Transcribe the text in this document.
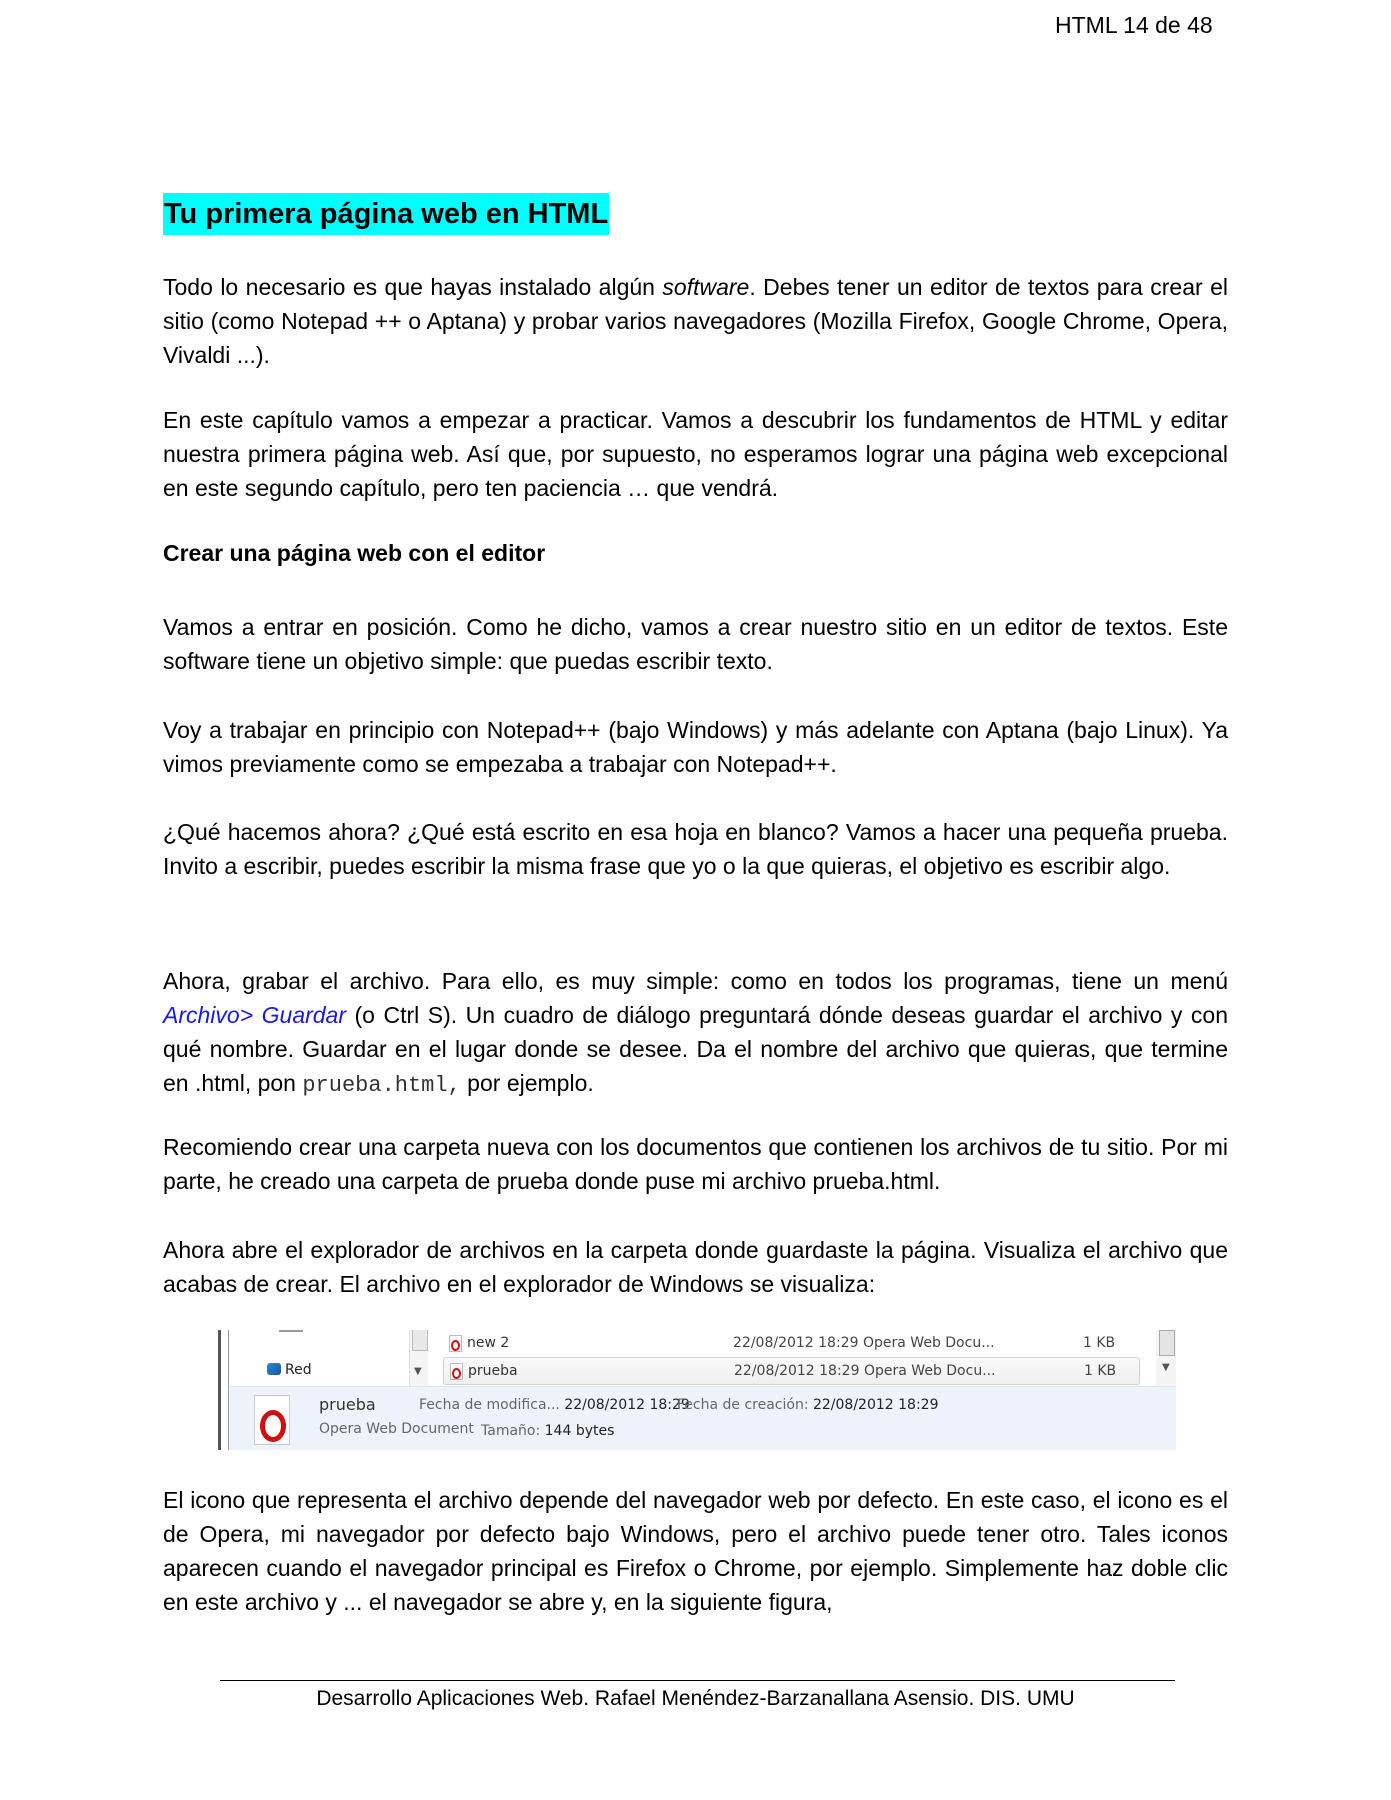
HTML 14 de 48
Tu primera página web en HTML

Todo lo necesario es que hayas instalado algún software. Debes tener un editor de textos para crear el sitio (como Notepad ++ o Aptana) y probar varios navegadores (Mozilla Firefox, Google Chrome, Opera, Vivaldi ...).

En este capítulo vamos a empezar a practicar. Vamos a descubrir los fundamentos de HTML y editar nuestra primera página web. Así que, por supuesto, no esperamos lograr una página web excepcional en este segundo capítulo, pero ten paciencia … que vendrá.

Crear una página web con el editor

Vamos a entrar en posición. Como he dicho, vamos a crear nuestro sitio en un editor de textos. Este software tiene un objetivo simple: que puedas escribir texto.

Voy a trabajar en principio con Notepad++ (bajo Windows) y más adelante con Aptana (bajo Linux). Ya vimos previamente como se empezaba a trabajar con Notepad++.

¿Qué hacemos ahora? ¿Qué está escrito en esa hoja en blanco? Vamos a hacer una pequeña prueba. Invito a escribir, puedes escribir la misma frase que yo o la que quieras, el objetivo es escribir algo.

Ahora, grabar el archivo. Para ello, es muy simple: como en todos los programas, tiene un menú Archivo> Guardar (o Ctrl S). Un cuadro de diálogo preguntará dónde deseas guardar el archivo y con qué nombre. Guardar en el lugar donde se desee. Da el nombre del archivo que quieras, que termine en .html, pon prueba.html, por ejemplo.

Recomiendo crear una carpeta nueva con los documentos que contienen los archivos de tu sitio. Por mi parte, he creado una carpeta de prueba donde puse mi archivo prueba.html.

Ahora abre el explorador de archivos en la carpeta donde guardaste la página. Visualiza el archivo que acabas de crear. El archivo en el explorador de Windows se visualiza:

El icono que representa el archivo depende del navegador web por defecto. En este caso, el icono es el de Opera, mi navegador por defecto bajo Windows, pero el archivo puede tener otro. Tales iconos aparecen cuando el navegador principal es Firefox o Chrome, por ejemplo. Simplemente haz doble clic en este archivo y ... el navegador se abre y, en la siguiente figura,

Red	▼
new 2	22/08/2012 18:29 Opera Web Docu...	1 KB
prueba	22/08/2012 18:29 Opera Web Docu...	1 KB	▼
prueba
Opera Web Document
Fecha de modifica... 22/08/2012 18:29
Tamaño: 144 bytes
Fecha de creación: 22/08/2012 18:29
Desarrollo Aplicaciones Web. Rafael Menéndez-Barzanallana Asensio. DIS. UMU
